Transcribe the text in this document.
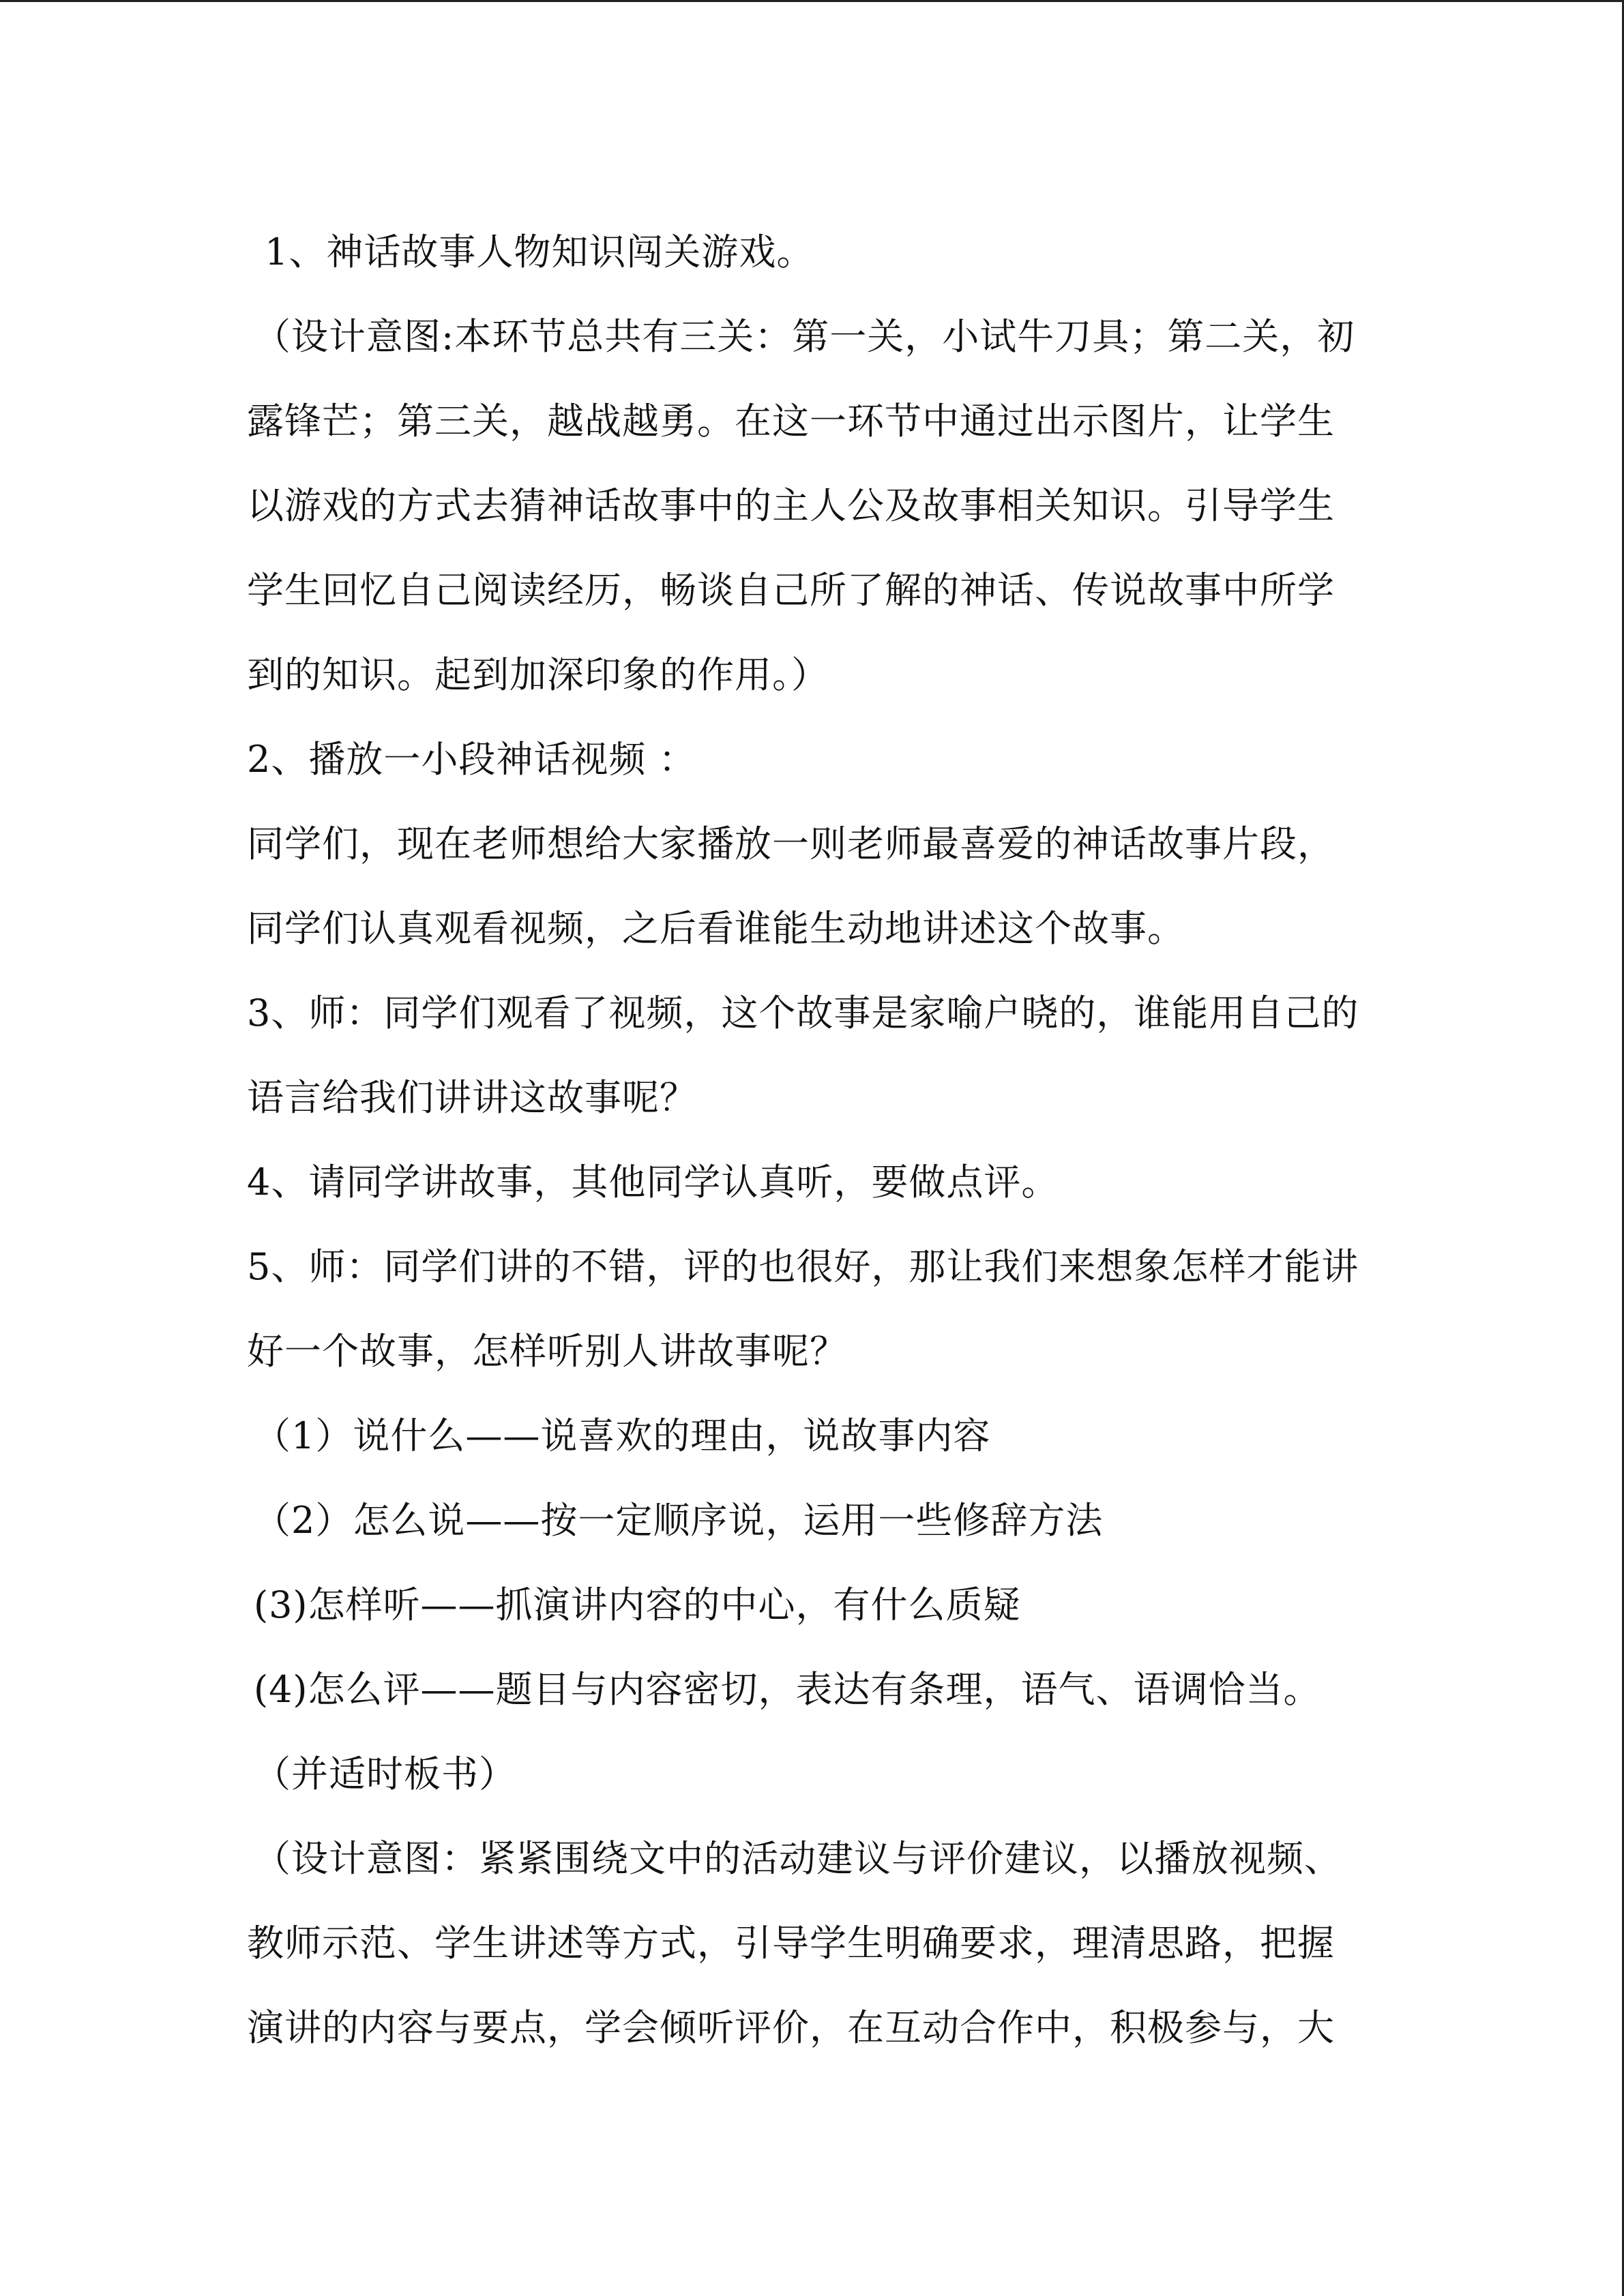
1、神话故事人物知识闯关游戏。
（设计意图:本环节总共有三关：第一关，小试牛刀具；第二关，初
露锋芒；第三关，越战越勇。在这一环节中通过出示图片，让学生
以游戏的方式去猜神话故事中的主人公及故事相关知识。引导学生
学生回忆自己阅读经历，畅谈自己所了解的神话、传说故事中所学
到的知识。起到加深印象的作用。）
2、播放一小段神话视频 ：
同学们，现在老师想给大家播放一则老师最喜爱的神话故事片段，
同学们认真观看视频，之后看谁能生动地讲述这个故事。
3、师：同学们观看了视频，这个故事是家喻户晓的，谁能用自己的
语言给我们讲讲这故事呢？
4、请同学讲故事，其他同学认真听，要做点评。
5、师：同学们讲的不错，评的也很好，那让我们来想象怎样才能讲
好一个故事，怎样听别人讲故事呢？
（1）说什么——说喜欢的理由，说故事内容
（2）怎么说——按一定顺序说，运用一些修辞方法
(3)怎样听——抓演讲内容的中心，有什么质疑
(4)怎么评——题目与内容密切，表达有条理，语气、语调恰当。
（并适时板书）
（设计意图：紧紧围绕文中的活动建议与评价建议，以播放视频、
教师示范、学生讲述等方式，引导学生明确要求，理清思路，把握
演讲的内容与要点，学会倾听评价，在互动合作中，积极参与，大
